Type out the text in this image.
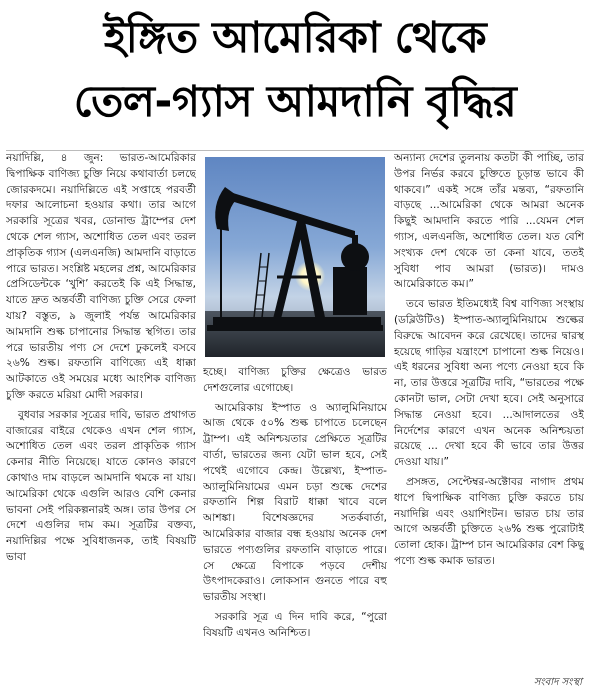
ইঙ্গিত আমেরিকা থেকে
তেল-গ্যাস আমদানি বৃদ্ধির

নয়াদিল্লি, ৪ জুন: ভারত-আমেরিকার দ্বিপাক্ষিক বাণিজ্য চুক্তি নিয়ে কথাবার্তা চলছে জোরকদমে। নয়াদিল্লিতে এই সপ্তাহে পরবর্তী দফার আলোচনা হওয়ার কথা। তার আগে সরকারি সূত্রের খবর, ডোনাল্ড ট্রাম্পের দেশ থেকে শেল গ্যাস, অশোধিত তেল এবং তরল প্রাকৃতিক গ্যাস (এলএনজি) আমদানি বাড়াতে পারে ভারত। সংশ্লিষ্ট মহলের প্রশ্ন, আমেরিকার প্রেসিডেন্টকে ‘খুশি’ করতেই কি এই সিদ্ধান্ত, যাতে দ্রুত অন্তর্বর্তী বাণিজ্য চুক্তি সেরে ফেলা যায়? বস্তুত, ৯ জুলাই পর্যন্ত আমেরিকার আমদানি শুল্ক চাপানোর সিদ্ধান্ত স্থগিত। তার পরে ভারতীয় পণ্য সে দেশে ঢুকলেই বসবে ২৬% শুল্ক। রফতানি বাণিজ্যে এই ধাক্কা আটকাতে ওই সময়ের মধ্যে আংশিক বাণিজ্য চুক্তি করতে মরিয়া মোদী সরকার।

বুধবার সরকার সূত্রের দাবি, ভারত প্রথাগত বাজারের বাইরে থেকেও এখন শেল গ্যাস, অশোধিত তেল এবং তরল প্রাকৃতিক গ্যাস কেনার নীতি নিয়েছে। যাতে কোনও কারণে কোথাও দাম বাড়লে আমদানি থমকে না যায়। আমেরিকা থেকে এগুলি আরও বেশি কেনার ভাবনা সেই পরিকল্পনারই অঙ্গ। তার উপর সে দেশে এগুলির দাম কম। সূত্রটির বক্তব্য, নয়াদিল্লির পক্ষে সুবিধাজনক, তাই বিষয়টি ভাবা

হচ্ছে। বাণিজ্য চুক্তির ক্ষেত্রেও ভারত দেশগুলোর এগোচ্ছে।

আমেরিকায় ইস্পাত ও অ্যালুমিনিয়ামে আজ থেকে ৫০% শুল্ক চাপাতে চলেছেন ট্রাম্প। এই অনিশ্চয়তার প্রেক্ষিতে সূত্রটির বার্তা, ভারতের জন্য যেটা ভাল হবে, সেই পথেই এগোবে কেন্দ্র। উল্লেখ্য, ইস্পাত-অ্যালুমিনিয়ামের এমন চড়া শুল্কে দেশের রফতানি শিল্প বিরাট ধাক্কা খাবে বলে আশঙ্কা। বিশেষজ্ঞদের সতর্কবার্তা, আমেরিকার বাজার বন্ধ হওয়ায় অনেক দেশ ভারতে পণ্যগুলির রফতানি বাড়াতে পারে। সে ক্ষেত্রে বিপাকে পড়বে দেশীয় উৎপাদকেরাও। লোকসান গুনতে পারে বহু ভারতীয় সংস্থা।

সরকারি সূত্র এ দিন দাবি করে, “পুরো বিষয়টি এখনও অনিশ্চিত।

অন্যান্য দেশের তুলনায় কতটা কী পাচ্ছি, তার উপর নির্ভর করবে চুক্তিতে চূড়ান্ত ভাবে কী থাকবে।” একই সঙ্গে তাঁর মন্তব্য, “রফতানি বাড়ছে ...আমেরিকা থেকে আমরা অনেক কিছুই আমদানি করতে পারি ...যেমন শেল গ্যাস, এলএনজি, অশোধিত তেল। যত বেশি সংখ্যক দেশ থেকে তা কেনা যাবে, ততই সুবিধা পাব আমরা (ভারত)। দামও আমেরিকাতে কম।”

তবে ভারত ইতিমধ্যেই বিশ্ব বাণিজ্য সংস্থায় (ডব্লিউটিও) ইস্পাত-অ্যালুমিনিয়ামে শুল্কের বিরুদ্ধে আবেদন করে রেখেছে। তাদের দ্বারস্থ হয়েছে গাড়ির যন্ত্রাংশে চাপানো শুল্ক নিয়েও। এই ধরনের সুবিধা অন্য পণ্যে নেওয়া হবে কি না, তার উত্তরে সূত্রটির দাবি, “ভারতের পক্ষে কোনটা ভাল, সেটা দেখা হবে। সেই অনুসারে সিদ্ধান্ত নেওয়া হবে। ...আদালতের ওই নির্দেশের কারণে এখন অনেক অনিশ্চয়তা রয়েছে ... দেখা হবে কী ভাবে তার উত্তর দেওয়া যায়।”

প্রসঙ্গত, সেপ্টেম্বর-অক্টোবর নাগাদ প্রথম ধাপে দ্বিপাক্ষিক বাণিজ্য চুক্তি করতে চায় নয়াদিল্লি এবং ওয়াশিংটন। ভারত চায় তার আগে অন্তর্বর্তী চুক্তিতে ২৬% শুল্ক পুরোটাই তোলা হোক। ট্রাম্প চান আমেরিকার বেশ কিছু পণ্যে শুল্ক কমাক ভারত।

সংবাদ সংস্থা
